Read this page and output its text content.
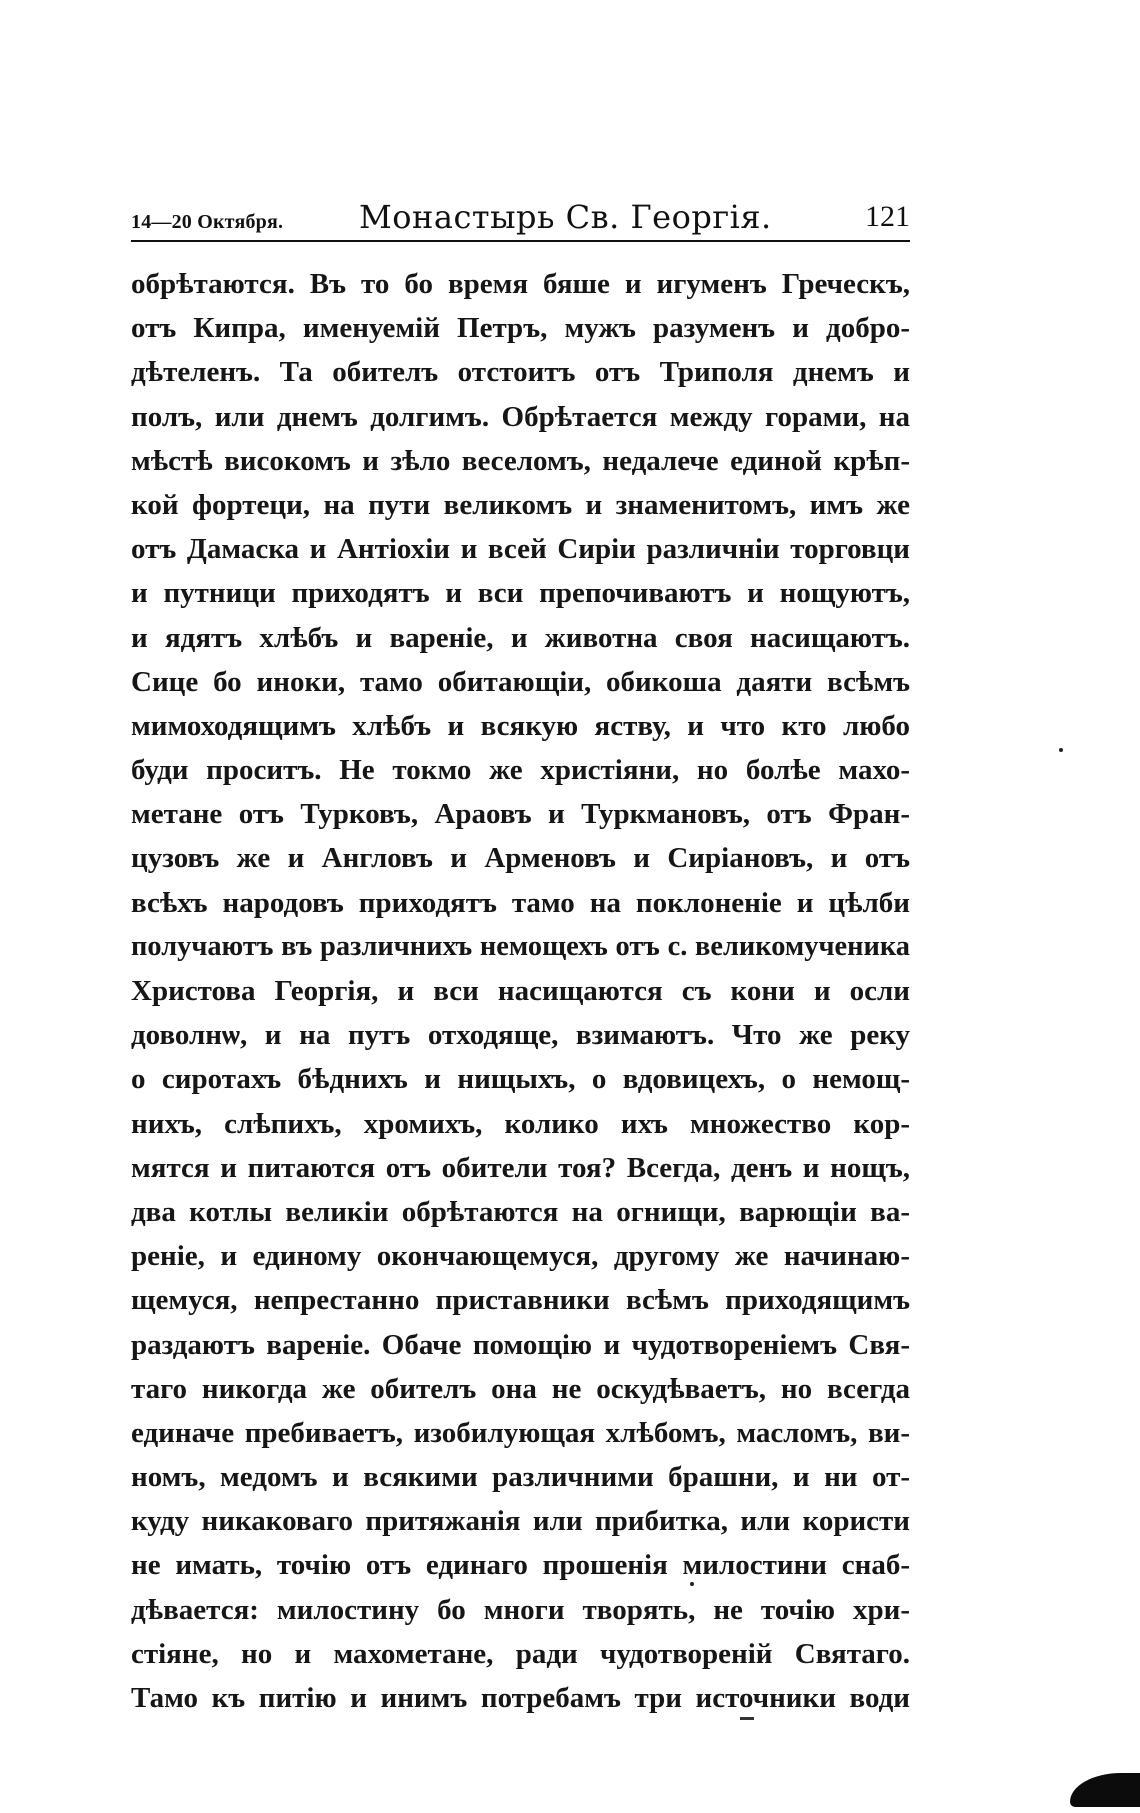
14—20 Октября. Монастырь Св. Георгія.	121
обрѣтаются. Въ то бо время бяше и игуменъ Греческъ,
отъ Кипра, именуемій Петръ, мужъ разуменъ и добро-
дѣтеленъ. Та обителъ отстоитъ отъ Триполя днемъ и
полъ, или днемъ долгимъ. Обрѣтается между горами, на
мѣстѣ високомъ и зѣло веселомъ, недалече единой крѣп-
кой фортеци, на пути великомъ и знаменитомъ, имъ же
отъ Дамаска и Антіохіи и всей Сиріи различніи торговци
и путници приходятъ и вси препочиваютъ и нощуютъ,
и ядятъ хлѣбъ и вареніе, и животна своя насищаютъ.
Сице бо иноки, тамо обитающіи, обикоша даяти всѣмъ
мимоходящимъ хлѣбъ и всякую яству, и что кто любо
буди проситъ. Не токмо же христіяни, но болѣе махо-
метане отъ Турковъ, Араовъ и Туркмановъ, отъ Фран-
цузовъ же и Англовъ и Арменовъ и Сиріановъ, и отъ
всѣхъ народовъ приходятъ тамо на поклоненіе и цѣлби
получаютъ въ различнихъ немощехъ отъ с. великомученика
Христова Георгія, и вси насищаются съ кони и осли
доволнѡ, и на путъ отходяще, взимаютъ. Что же реку
о сиротахъ бѣднихъ и нищыхъ, о вдовицехъ, о немощ-
нихъ, слѣпихъ, хромихъ, колико ихъ множество кор-
мятся и питаются отъ обители тоя? Всегда, денъ и нощъ,
два котлы великіи обрѣтаются на огнищи, варющіи ва-
реніе, и единому окончающемуся, другому же начинаю-
щемуся, непрестанно приставники всѣмъ приходящимъ
раздаютъ вареніе. Обаче помощію и чудотвореніемъ Свя-
таго никогда же обителъ она не оскудѣваетъ, но всегда
единаче пребиваетъ, изобилующая хлѣбомъ, масломъ, ви-
номъ, медомъ и всякими различними брашни, и ни от-
куду никаковаго притяжанія или прибитка, или користи
не имать, точію отъ единаго прошенія милостини снаб-
дѣвается: милостину бо многи творять, не точію хри-
стіяне, но и махометане, ради чудотвореній Святаго.
Тамо къ питію и инимъ потребамъ три источники води
